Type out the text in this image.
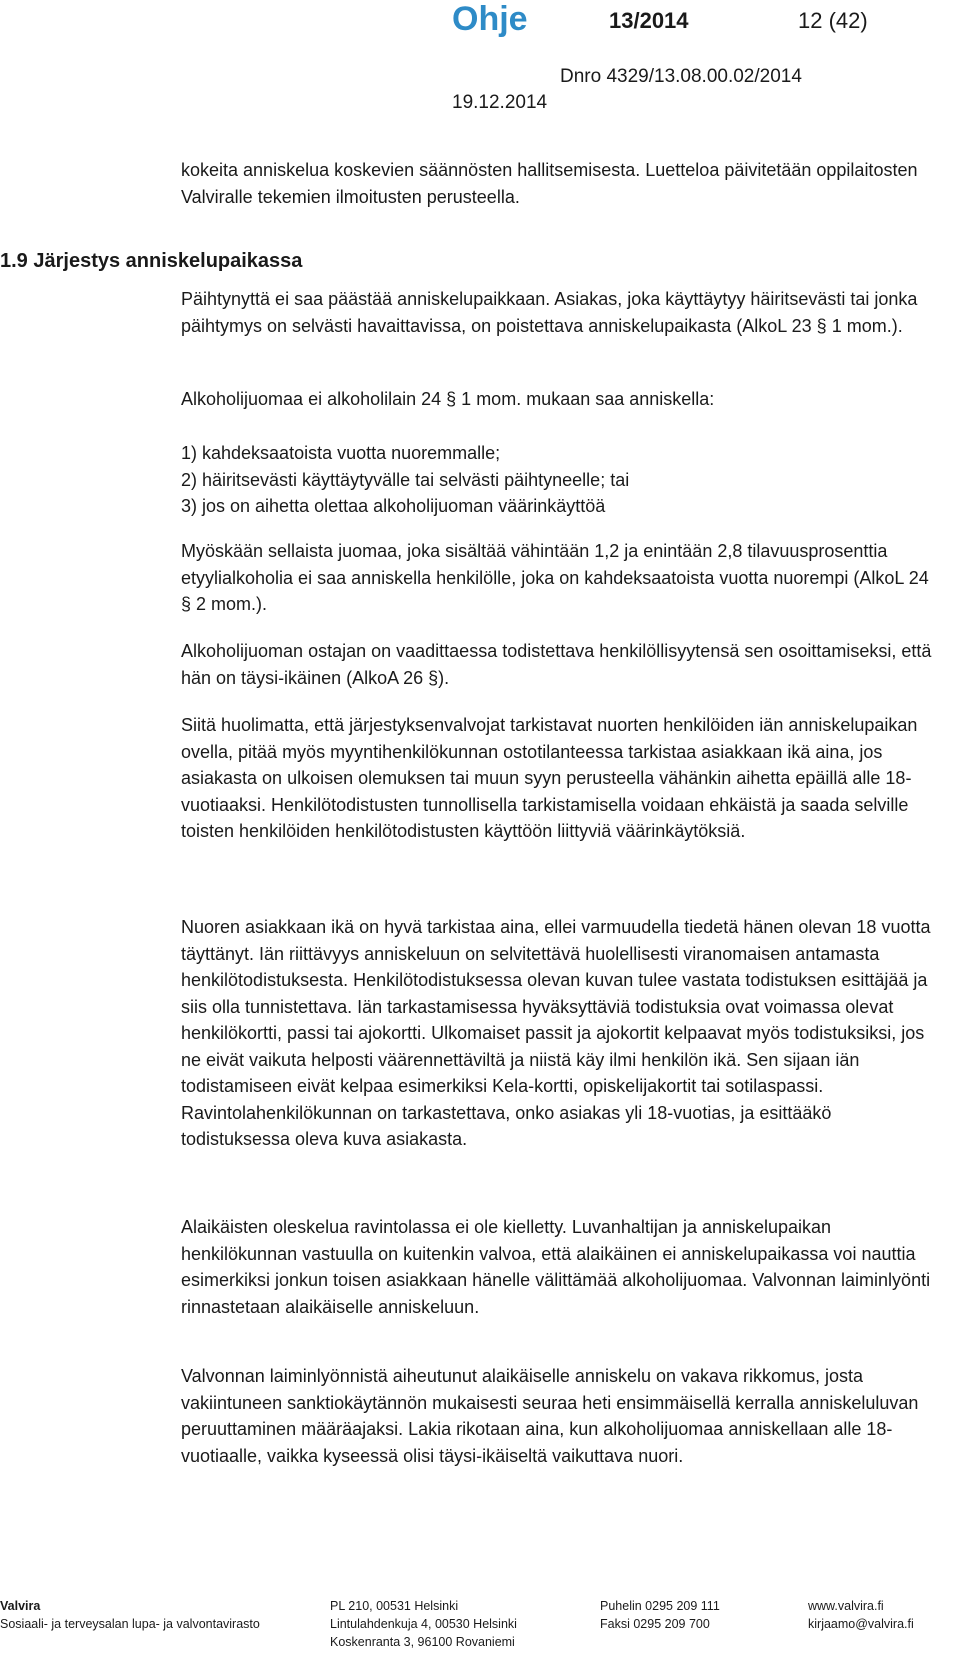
Ohje	13/2014	12 (42)
Dnro 4329/13.08.00.02/2014
19.12.2014

kokeita anniskelua koskevien säännösten hallitsemisesta. Luetteloa päivitetään oppilaitosten Valviralle tekemien ilmoitusten perusteella.

1.9 Järjestys anniskelupaikassa

Päihtynyttä ei saa päästää anniskelupaikkaan. Asiakas, joka käyttäytyy häiritsevästi tai jonka päihtymys on selvästi havaittavissa, on poistettava anniskelupaikasta (AlkoL 23 § 1 mom.).

Alkoholijuomaa ei alkoholilain 24 § 1 mom. mukaan saa anniskella:

1) kahdeksaatoista vuotta nuoremmalle;
2) häiritsevästi käyttäytyvälle tai selvästi päihtyneelle; tai
3) jos on aihetta olettaa alkoholijuoman väärinkäyttöä

Myöskään sellaista juomaa, joka sisältää vähintään 1,2 ja enintään 2,8 tilavuusprosenttia etyylialkoholia ei saa anniskella henkilölle, joka on kahdeksaatoista vuotta nuorempi (AlkoL 24 § 2 mom.).

Alkoholijuoman ostajan on vaadittaessa todistettava henkilöllisyytensä sen osoittamiseksi, että hän on täysi-ikäinen (AlkoA 26 §).

Siitä huolimatta, että järjestyksenvalvojat tarkistavat nuorten henkilöiden iän anniskelupaikan ovella, pitää myös myyntihenkilökunnan ostotilanteessa tarkistaa asiakkaan ikä aina, jos asiakasta on ulkoisen olemuksen tai muun syyn perusteella vähänkin aihetta epäillä alle 18-vuotiaaksi. Henkilötodistusten tunnollisella tarkistamisella voidaan ehkäistä ja saada selville toisten henkilöiden henkilötodistusten käyttöön liittyviä väärinkäytöksiä.

Nuoren asiakkaan ikä on hyvä tarkistaa aina, ellei varmuudella tiedetä hänen olevan 18 vuotta täyttänyt. Iän riittävyys anniskeluun on selvitettävä huolellisesti viranomaisen antamasta henkilötodistuksesta. Henkilötodistuksessa olevan kuvan tulee vastata todistuksen esittäjää ja siis olla tunnistettava. Iän tarkastamisessa hyväksyttäviä todistuksia ovat voimassa olevat henkilökortti, passi tai ajokortti. Ulkomaiset passit ja ajokortit kelpaavat myös todistuksiksi, jos ne eivät vaikuta helposti väärennettäviltä ja niistä käy ilmi henkilön ikä. Sen sijaan iän todistamiseen eivät kelpaa esimerkiksi Kela-kortti, opiskelijakortit tai sotilaspassi. Ravintolahenkilökunnan on tarkastettava, onko asiakas yli 18-vuotias, ja esittääkö todistuksessa oleva kuva asiakasta.

Alaikäisten oleskelua ravintolassa ei ole kielletty. Luvanhaltijan ja anniskelupaikan henkilökunnan vastuulla on kuitenkin valvoa, että alaikäinen ei anniskelupaikassa voi nauttia esimerkiksi jonkun toisen asiakkaan hänelle välittämää alkoholijuomaa. Valvonnan laiminlyönti rinnastetaan alaikäiselle anniskeluun.

Valvonnan laiminlyönnistä aiheutunut alaikäiselle anniskelu on vakava rikkomus, josta vakiintuneen sanktiokäytännön mukaisesti seuraa heti ensimmäisellä kerralla anniskeluluvan peruuttaminen määräajaksi. Lakia rikotaan aina, kun alkoholijuomaa anniskellaan alle 18-vuotiaalle, vaikka kyseessä olisi täysi-ikäiseltä vaikuttava nuori.

Valvira
Sosiaali- ja terveysalan lupa- ja valvontavirasto
PL 210, 00531 Helsinki
Lintulahdenkuja 4, 00530 Helsinki
Koskenranta 3, 96100 Rovaniemi
Puhelin 0295 209 111
Faksi 0295 209 700
www.valvira.fi
kirjaamo@valvira.fi
